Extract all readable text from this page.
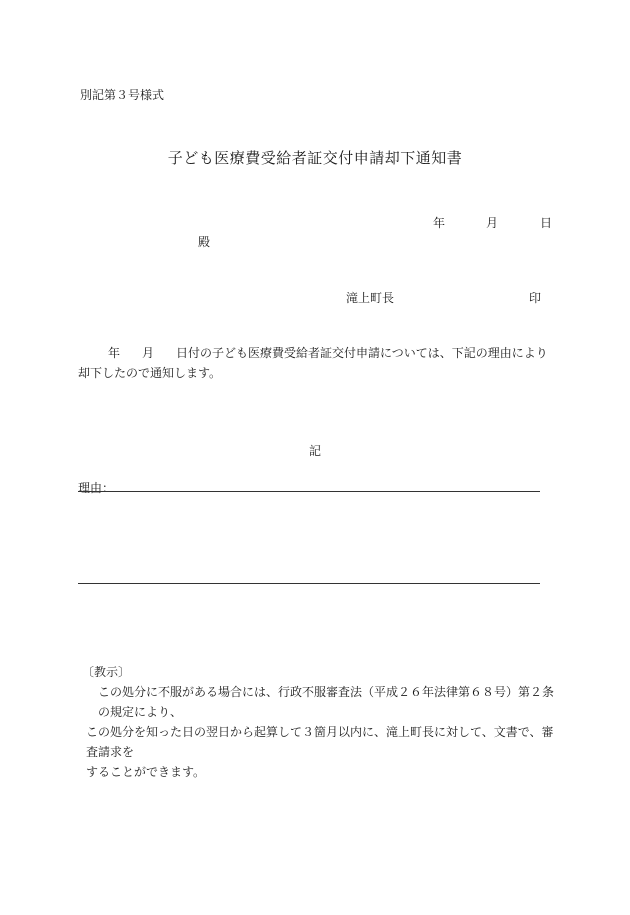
別記第３号様式
子ども医療費受給者証交付申請却下通知書
年	月	日
殿
滝上町長	印
年 月 日付の子ども医療費受給者証交付申請については、下記の理由により却下したので通知します。
記
理由：
〔教示〕
この処分に不服がある場合には、行政不服審査法（平成２６年法律第６８号）第２条の規定により、
この処分を知った日の翌日から起算して３箇月以内に、滝上町長に対して、文書で、審査請求を
することができます。
